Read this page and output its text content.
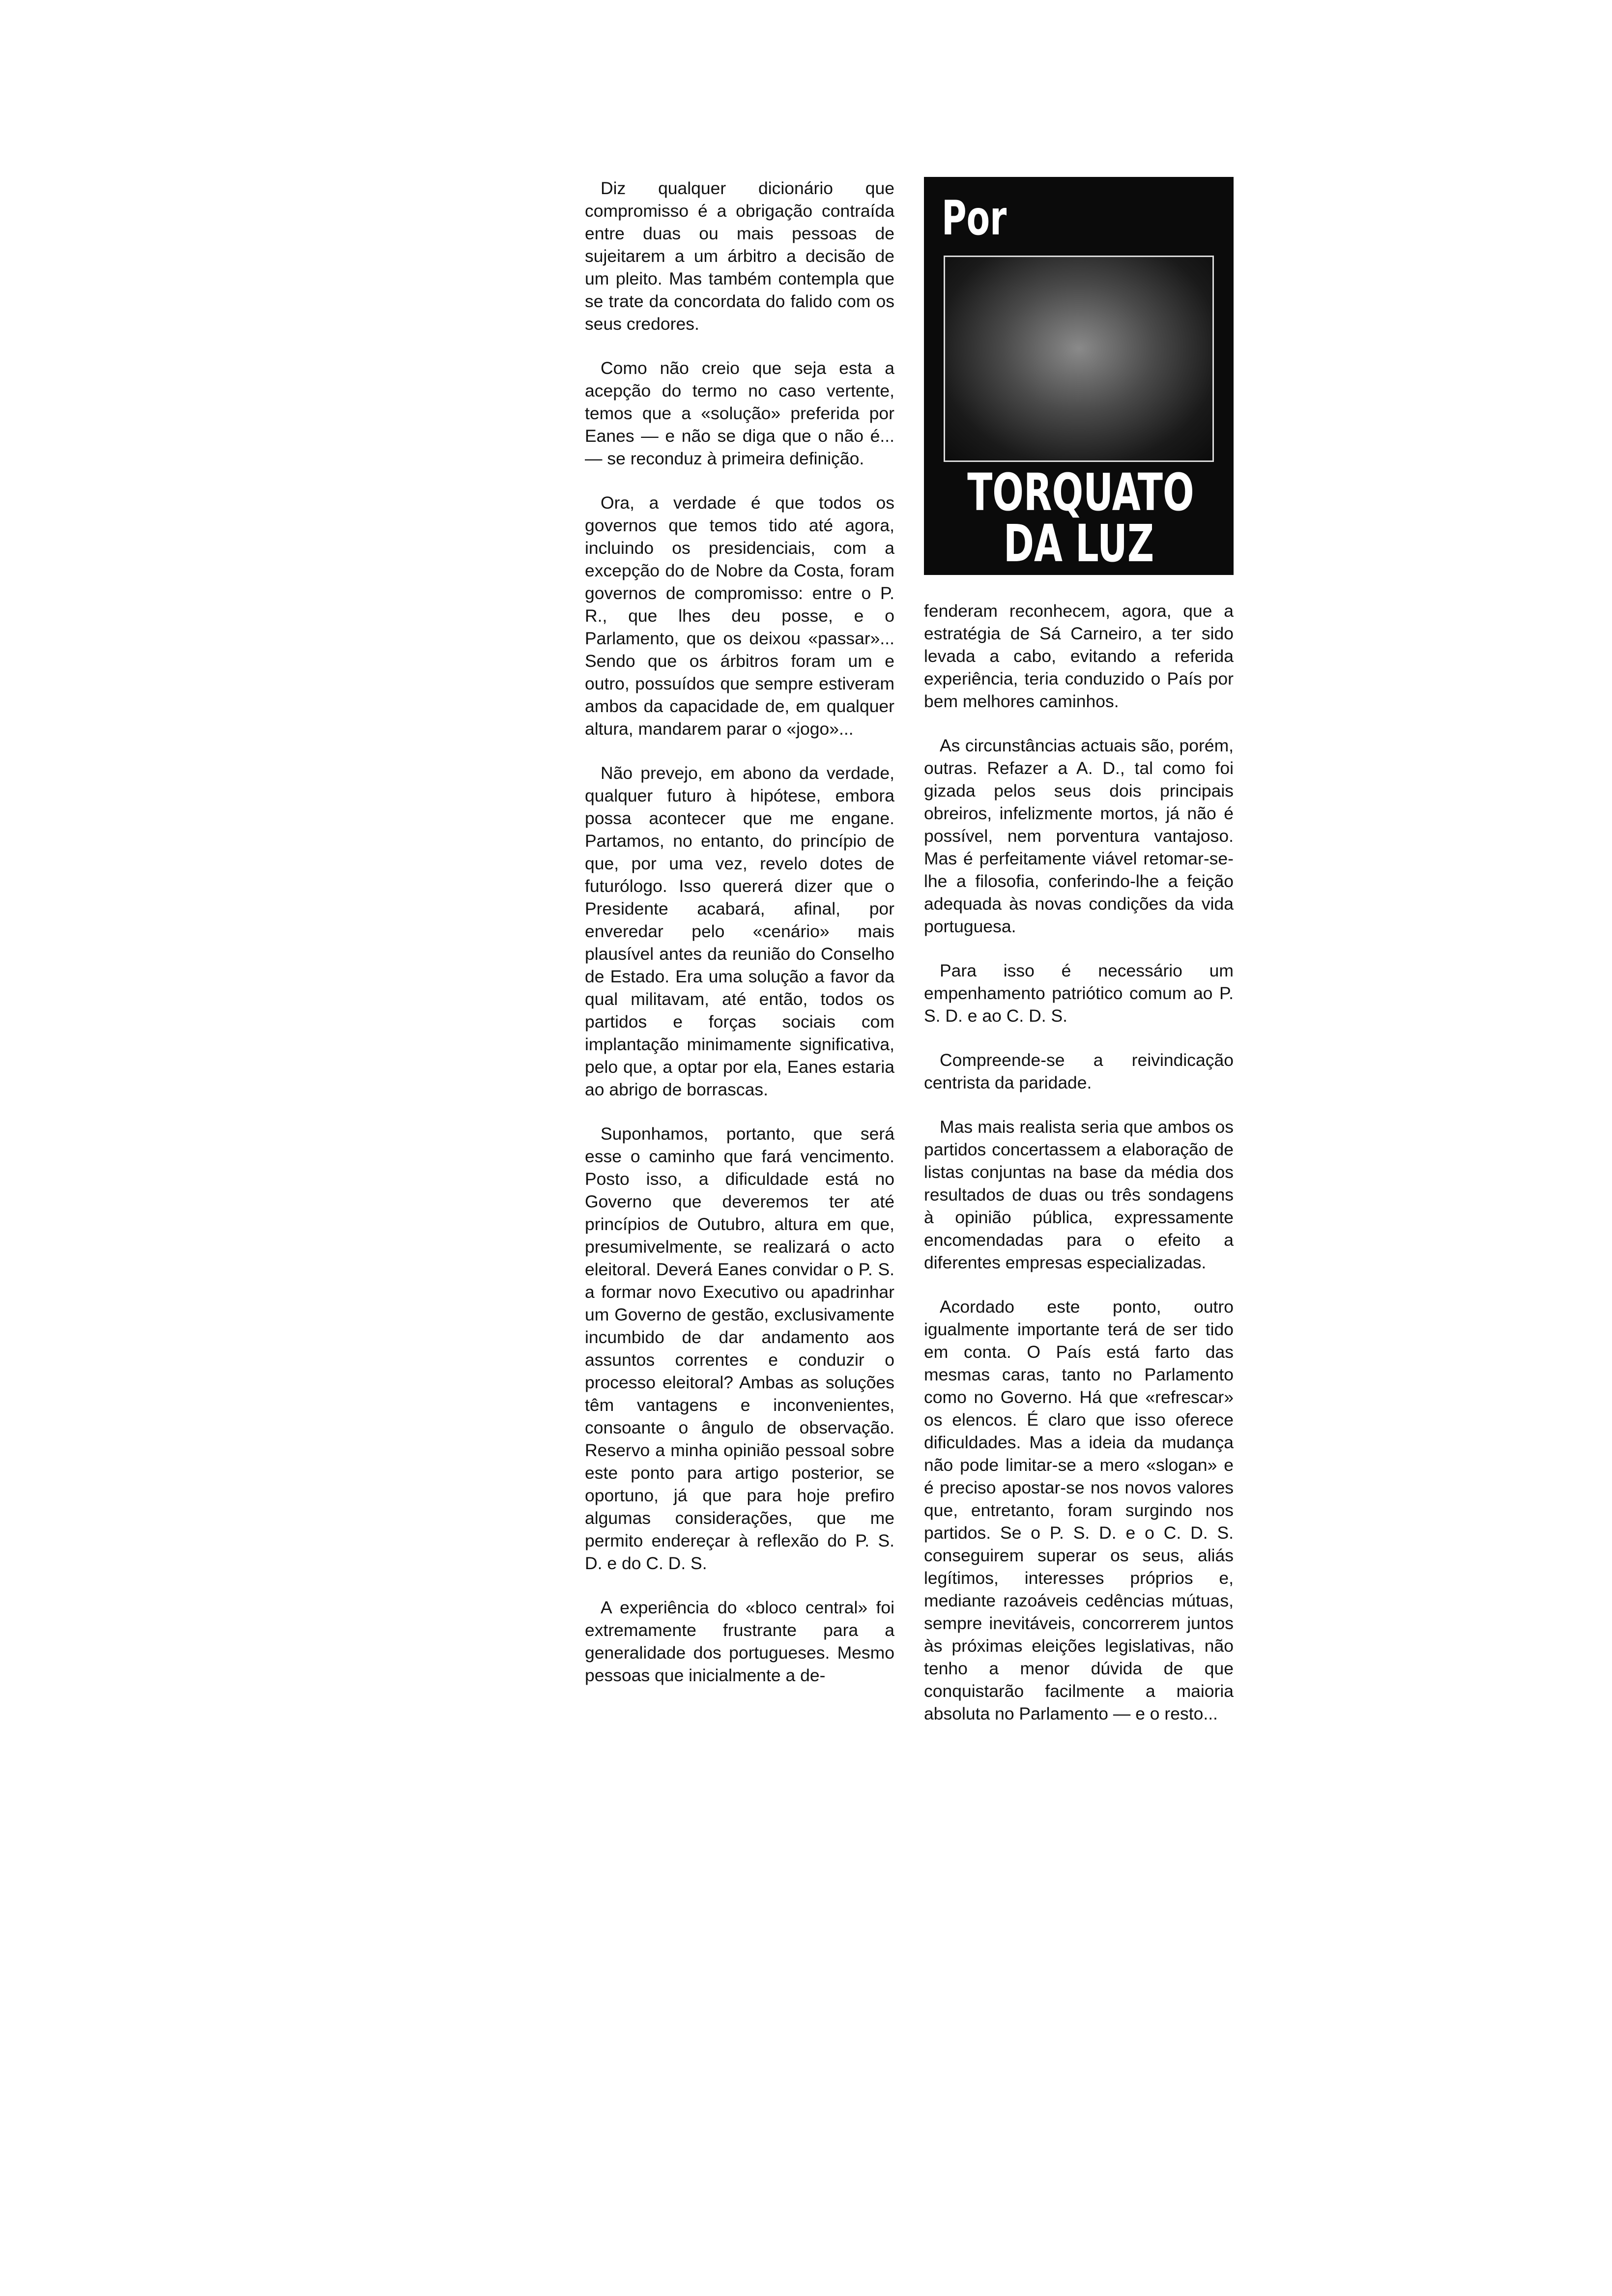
Diz qualquer dicionário que compromisso é a obrigação contraída entre duas ou mais pessoas de sujeitarem a um árbitro a decisão de um pleito. Mas também contempla que se trate da concordata do falido com os seus credores.

Como não creio que seja esta a acepção do termo no caso vertente, temos que a «solução» preferida por Eanes — e não se diga que o não é... — se reconduz à primeira definição.

Ora, a verdade é que todos os governos que temos tido até agora, incluindo os presidenciais, com a excepção do de Nobre da Costa, foram governos de compromisso: entre o P. R., que lhes deu posse, e o Parlamento, que os deixou «passar»... Sendo que os árbitros foram um e outro, possuídos que sempre estiveram ambos da capacidade de, em qualquer altura, mandarem parar o «jogo»...

Não prevejo, em abono da verdade, qualquer futuro à hipótese, embora possa acontecer que me engane. Partamos, no entanto, do princípio de que, por uma vez, revelo dotes de futurólogo. Isso quererá dizer que o Presidente acabará, afinal, por enveredar pelo «cenário» mais plausível antes da reunião do Conselho de Estado. Era uma solução a favor da qual militavam, até então, todos os partidos e forças sociais com implantação minimamente significativa, pelo que, a optar por ela, Eanes estaria ao abrigo de borrascas.

Suponhamos, portanto, que será esse o caminho que fará vencimento. Posto isso, a dificuldade está no Governo que deveremos ter até princípios de Outubro, altura em que, presumivelmente, se realizará o acto eleitoral. Deverá Eanes convidar o P. S. a formar novo Executivo ou apadrinhar um Governo de gestão, exclusivamente incumbido de dar andamento aos assuntos correntes e conduzir o processo eleitoral? Ambas as soluções têm vantagens e inconvenientes, consoante o ângulo de observação. Reservo a minha opinião pessoal sobre este ponto para artigo posterior, se oportuno, já que para hoje prefiro algumas considerações, que me permito endereçar à reflexão do P. S. D. e do C. D. S.

A experiência do «bloco central» foi extremamente frustrante para a generalidade dos portugueses. Mesmo pessoas que inicialmente a de-

Por
TORQUATO
DA LUZ

fenderam reconhecem, agora, que a estratégia de Sá Carneiro, a ter sido levada a cabo, evitando a referida experiência, teria conduzido o País por bem melhores caminhos.

As circunstâncias actuais são, porém, outras. Refazer a A. D., tal como foi gizada pelos seus dois principais obreiros, infelizmente mortos, já não é possível, nem porventura vantajoso. Mas é perfeitamente viável retomar-se-lhe a filosofia, conferindo-lhe a feição adequada às novas condições da vida portuguesa.

Para isso é necessário um empenhamento patriótico comum ao P. S. D. e ao C. D. S.

Compreende-se a reivindicação centrista da paridade.

Mas mais realista seria que ambos os partidos concertassem a elaboração de listas conjuntas na base da média dos resultados de duas ou três sondagens à opinião pública, expressamente encomendadas para o efeito a diferentes empresas especializadas.

Acordado este ponto, outro igualmente importante terá de ser tido em conta. O País está farto das mesmas caras, tanto no Parlamento como no Governo. Há que «refrescar» os elencos. É claro que isso oferece dificuldades. Mas a ideia da mudança não pode limitar-se a mero «slogan» e é preciso apostar-se nos novos valores que, entretanto, foram surgindo nos partidos. Se o P. S. D. e o C. D. S. conseguirem superar os seus, aliás legítimos, interesses próprios e, mediante razoáveis cedências mútuas, sempre inevitáveis, concorrerem juntos às próximas eleições legislativas, não tenho a menor dúvida de que conquistarão facilmente a maioria absoluta no Parlamento — e o resto...
